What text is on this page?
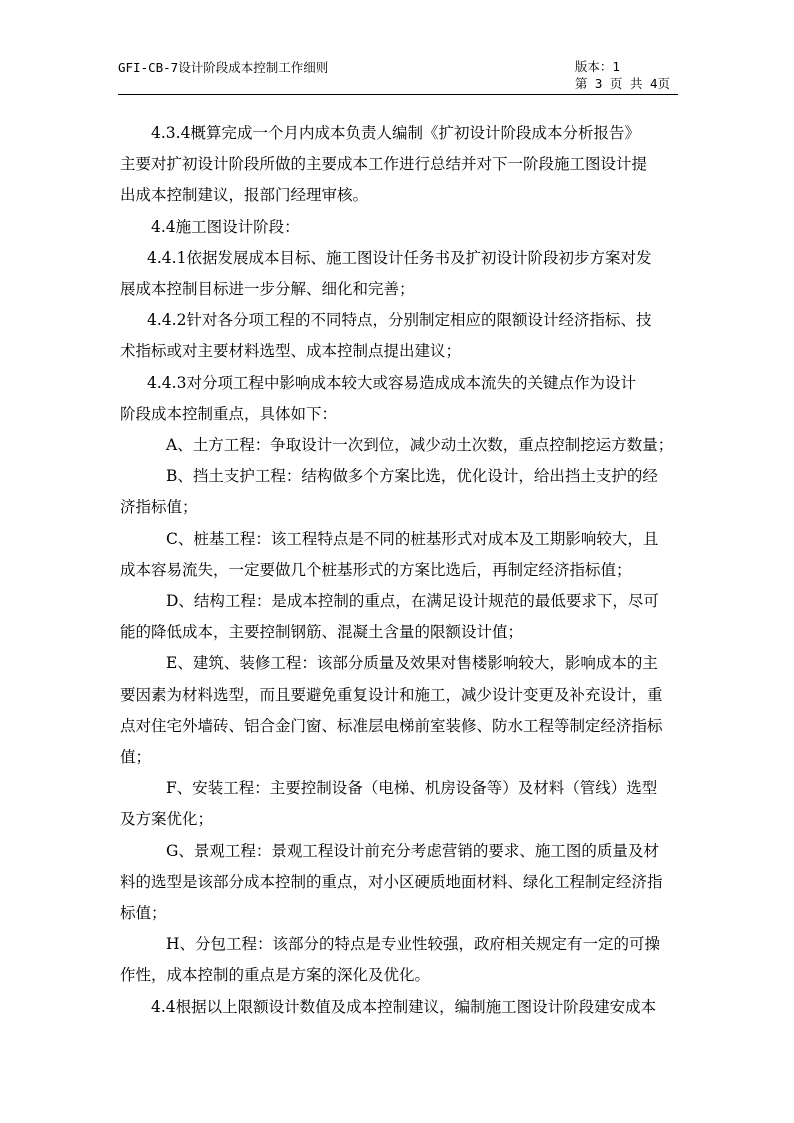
GFI-CB-7设计阶段成本控制工作细则	版本：1
第 3 页 共 4页
4.3.4概算完成一个月内成本负责人编制《扩初设计阶段成本分析报告》
主要对扩初设计阶段所做的主要成本工作进行总结并对下一阶段施工图设计提
出成本控制建议，报部门经理审核。
4.4施工图设计阶段：
4.4.1依据发展成本目标、施工图设计任务书及扩初设计阶段初步方案对发
展成本控制目标进一步分解、细化和完善；
4.4.2针对各分项工程的不同特点，分别制定相应的限额设计经济指标、技
术指标或对主要材料选型、成本控制点提出建议；
4.4.3对分项工程中影响成本较大或容易造成成本流失的关键点作为设计
阶段成本控制重点，具体如下：
A、土方工程：争取设计一次到位，减少动土次数，重点控制挖运方数量；
B、挡土支护工程：结构做多个方案比选，优化设计，给出挡土支护的经
济指标值；
C、桩基工程：该工程特点是不同的桩基形式对成本及工期影响较大，且
成本容易流失，一定要做几个桩基形式的方案比选后，再制定经济指标值；
D、结构工程：是成本控制的重点，在满足设计规范的最低要求下，尽可
能的降低成本，主要控制钢筋、混凝土含量的限额设计值；
E、建筑、装修工程：该部分质量及效果对售楼影响较大，影响成本的主
要因素为材料选型，而且要避免重复设计和施工，减少设计变更及补充设计，重
点对住宅外墙砖、铝合金门窗、标准层电梯前室装修、防水工程等制定经济指标
值；
F、安装工程：主要控制设备（电梯、机房设备等）及材料（管线）选型
及方案优化；
G、景观工程：景观工程设计前充分考虑营销的要求、施工图的质量及材
料的选型是该部分成本控制的重点，对小区硬质地面材料、绿化工程制定经济指
标值；
H、分包工程：该部分的特点是专业性较强，政府相关规定有一定的可操
作性，成本控制的重点是方案的深化及优化。
4.4根据以上限额设计数值及成本控制建议，编制施工图设计阶段建安成本
